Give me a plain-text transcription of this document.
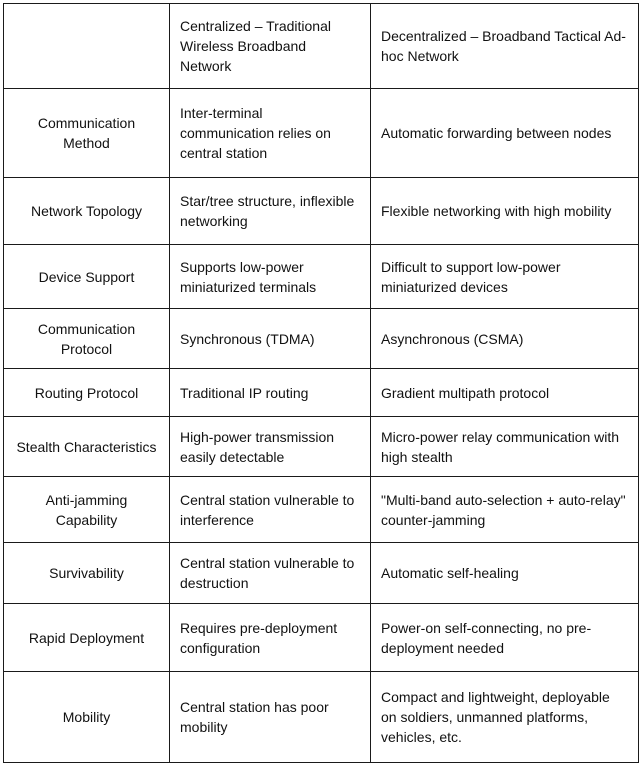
	Centralized – Traditional Wireless Broadband Network	Decentralized – Broadband Tactical Ad-hoc Network
Communication Method	Inter-terminal communication relies on central station	Automatic forwarding between nodes
Network Topology	Star/tree structure, inflexible networking	Flexible networking with high mobility
Device Support	Supports low-power miniaturized terminals	Difficult to support low-power miniaturized devices
Communication Protocol	Synchronous (TDMA)	Asynchronous (CSMA)
Routing Protocol	Traditional IP routing	Gradient multipath protocol
Stealth Characteristics	High-power transmission easily detectable	Micro-power relay communication with high stealth
Anti-jamming Capability	Central station vulnerable to interference	"Multi-band auto-selection + auto-relay" counter-jamming
Survivability	Central station vulnerable to destruction	Automatic self-healing
Rapid Deployment	Requires pre-deployment configuration	Power-on self-connecting, no pre-deployment needed
Mobility	Central station has poor mobility	Compact and lightweight, deployable on soldiers, unmanned platforms, vehicles, etc.
